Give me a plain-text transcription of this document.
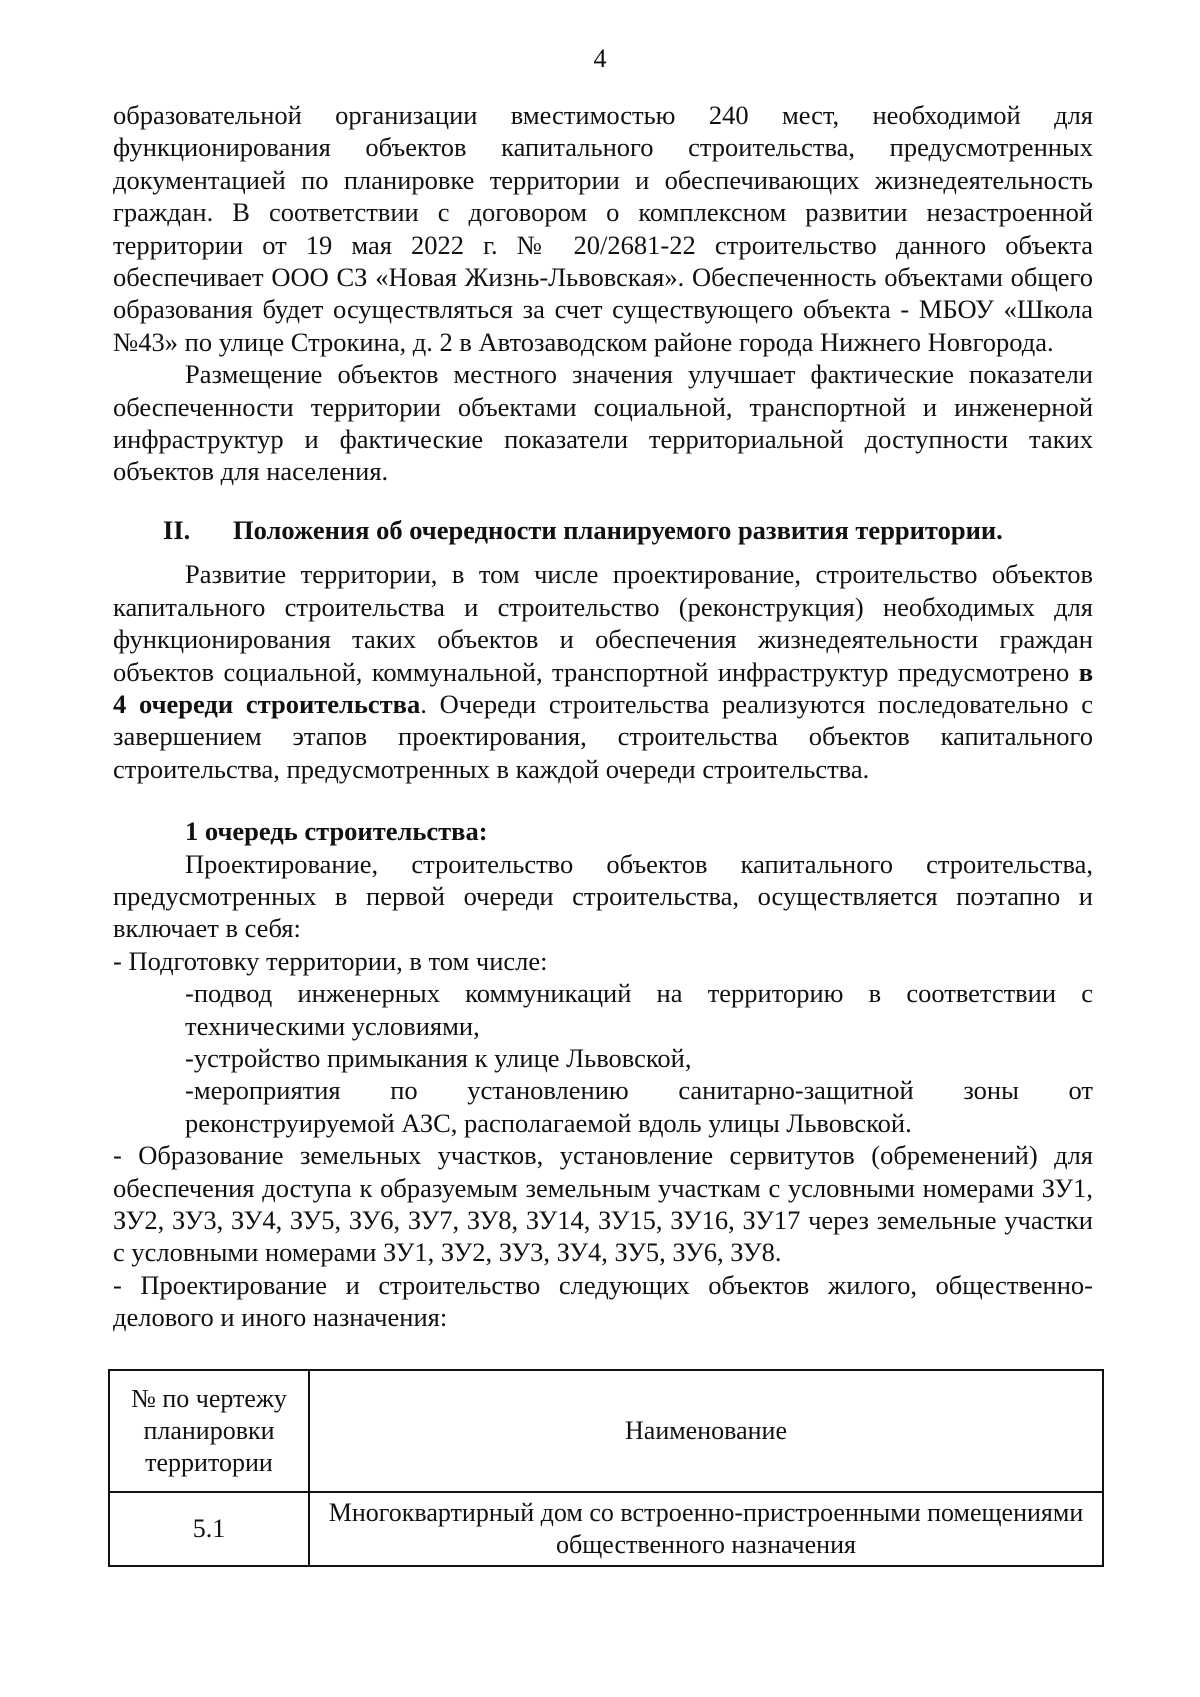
4

образовательной организации вместимостью 240 мест, необходимой для функционирования объектов капитального строительства, предусмотренных документацией по планировке территории и обеспечивающих жизнедеятельность граждан. В соответствии с договором о комплексном развитии незастроенной территории от 19 мая 2022 г. № 20/2681-22 строительство данного объекта обеспечивает ООО СЗ «Новая Жизнь-Львовская». Обеспеченность объектами общего образования будет осуществляться за счет существующего объекта - МБОУ «Школа №43» по улице Строкина, д. 2 в Автозаводском районе города Нижнего Новгорода.

Размещение объектов местного значения улучшает фактические показатели обеспеченности территории объектами социальной, транспортной и инженерной инфраструктур и фактические показатели территориальной доступности таких объектов для населения.

II. Положения об очередности планируемого развития территории.

Развитие территории, в том числе проектирование, строительство объектов капитального строительства и строительство (реконструкция) необходимых для функционирования таких объектов и обеспечения жизнедеятельности граждан объектов социальной, коммунальной, транспортной инфраструктур предусмотрено в 4 очереди строительства. Очереди строительства реализуются последовательно с завершением этапов проектирования, строительства объектов капитального строительства, предусмотренных в каждой очереди строительства.

1 очередь строительства:

Проектирование, строительство объектов капитального строительства, предусмотренных в первой очереди строительства, осуществляется поэтапно и включает в себя:

- Подготовку территории, в том числе:

-подвод инженерных коммуникаций на территорию в соответствии с техническими условиями,

-устройство примыкания к улице Львовской,

-мероприятия по установлению санитарно-защитной зоны от реконструируемой АЗС, располагаемой вдоль улицы Львовской.

- Образование земельных участков, установление сервитутов (обременений) для обеспечения доступа к образуемым земельным участкам с условными номерами ЗУ1, ЗУ2, ЗУ3, ЗУ4, ЗУ5, ЗУ6, ЗУ7, ЗУ8, ЗУ14, ЗУ15, ЗУ16, ЗУ17 через земельные участки с условными номерами ЗУ1, ЗУ2, ЗУ3, ЗУ4, ЗУ5, ЗУ6, ЗУ8.

- Проектирование и строительство следующих объектов жилого, общественно-делового и иного назначения:

№ по чертежу планировки территории	Наименование
5.1	Многоквартирный дом со встроенно-пристроенными помещениями общественного назначения
